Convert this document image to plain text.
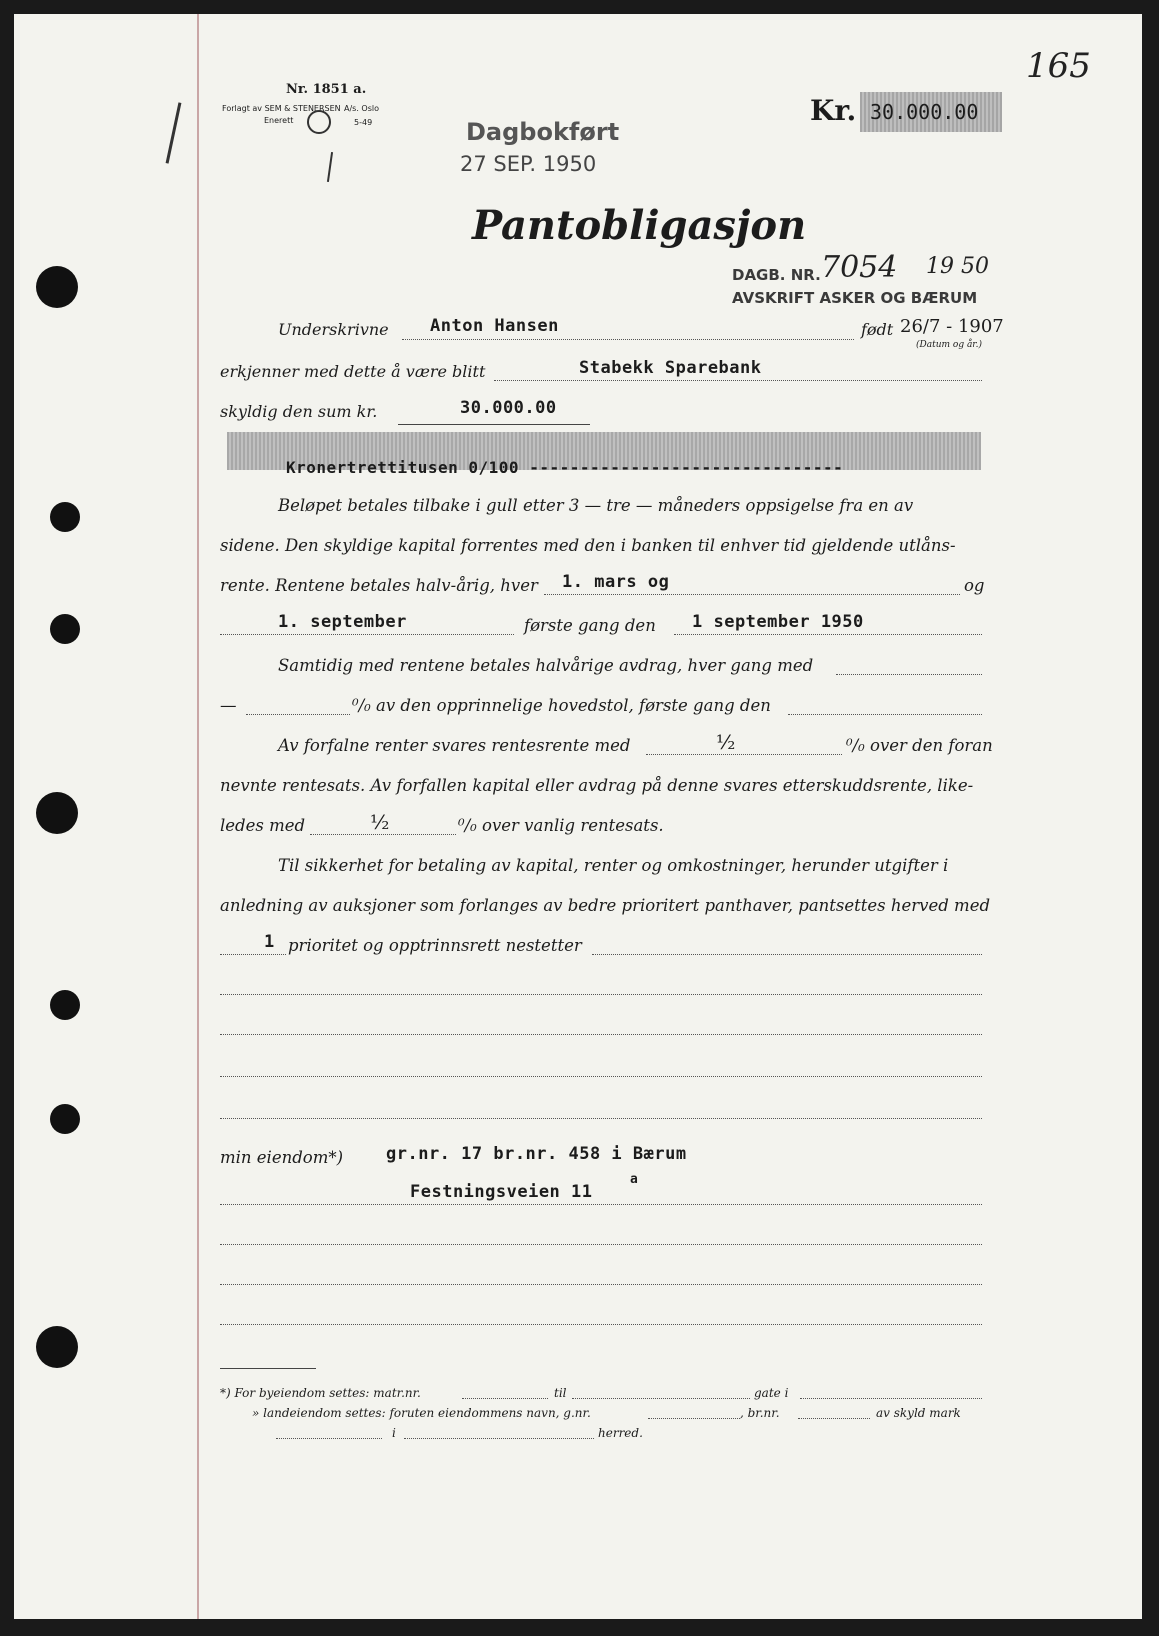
Nr. 1851 a.
Forlagt av SEM & STENERSEN A/s. Oslo
Enerett	5-49	Kr. 30.000.00
165
Dagbokført
27 SEP. 1950
Pantobligasjon
DAGB. NR. 7054 19 50
AVSKRIFT ASKER OG BÆRUM
Underskrivne Anton Hansen	født 26/7 - 1907
(Datum og år.)
erkjenner med dette å være blitt	Stabekk Sparebank
skyldig den sum kr.	30.000.00
Kronertrettitusen 0/100 -------------------------------
Beløpet betales tilbake i gull etter 3 — tre — måneders oppsigelse fra en av
sidene. Den skyldige kapital forrentes med den i banken til enhver tid gjeldende utlåns-
rente. Rentene betales halv-årig, hver 1. mars og	og
1. september	første gang den 1 september 1950
Samtidig med rentene betales halvårige avdrag, hver gang med
—	⁰/₀ av den opprinnelige hovedstol, første gang den
Av forfalne renter svares rentesrente med	½	⁰/₀ over den foran
nevnte rentesats. Av forfallen kapital eller avdrag på denne svares etterskuddsrente, like-
ledes med	½	⁰/₀ over vanlig rentesats.
Til sikkerhet for betaling av kapital, renter og omkostninger, herunder utgifter i
anledning av auksjoner som forlanges av bedre prioritert panthaver, pantsettes herved med
1 prioritet og opptrinnsrett nestetter
min eiendom*)	gr.nr. 17 br.nr. 458 i Bærum
Festningsveien 11
a
*) For byeiendom settes: matr.nr.	til	gate i
» landeiendom settes: foruten eiendommens navn, g.nr.	, br.nr.	av skyld mark
i	herred.
